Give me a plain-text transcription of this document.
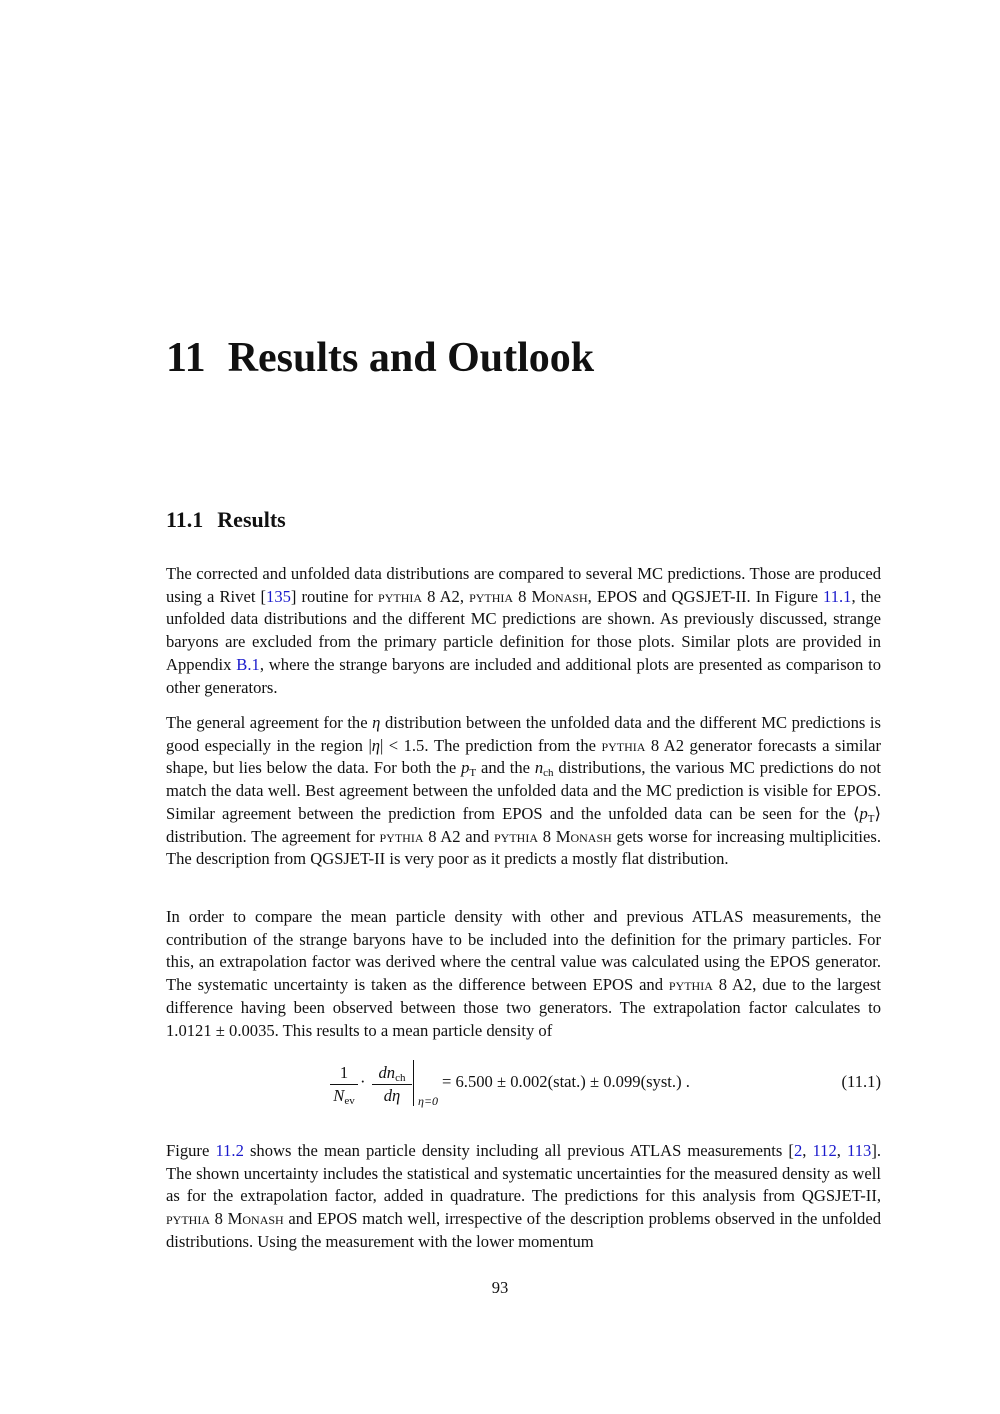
11 Results and Outlook
11.1 Results

The corrected and unfolded data distributions are compared to several MC predictions. Those are produced using a Rivet [135] routine for pythia 8 A2, pythia 8 Monash, EPOS and QGSJET-II. In Figure 11.1, the unfolded data distributions and the different MC predictions are shown. As previously discussed, strange baryons are excluded from the primary particle definition for those plots. Similar plots are provided in Appendix B.1, where the strange baryons are included and additional plots are presented as comparison to other generators.

The general agreement for the η distribution between the unfolded data and the different MC predictions is good especially in the region |η| < 1.5. The prediction from the pythia 8 A2 generator forecasts a similar shape, but lies below the data. For both the $p_T$ and the $n_{ch}$ distributions, the various MC predictions do not match the data well. Best agreement between the unfolded data and the MC prediction is visible for EPOS. Similar agreement between the prediction from EPOS and the unfolded data can be seen for the $⟨p_T⟩$ distribution. The agreement for pythia 8 A2 and pythia 8 Monash gets worse for increasing multiplicities. The description from QGSJET-II is very poor as it predicts a mostly flat distribution.

In order to compare the mean particle density with other and previous ATLAS measurements, the contribution of the strange baryons have to be included into the definition for the primary particles. For this, an extrapolation factor was derived where the central value was calculated using the EPOS generator. The systematic uncertainty is taken as the difference between EPOS and pythia 8 A2, due to the largest difference having been observed between those two generators. The extrapolation factor calculates to 1.0121 ± 0.0035. This results to a mean particle density of

1
$N_{ev}$
· $dn_{ch}$
dη	η=0
= 6.500 ± 0.002(stat.) ± 0.099(syst.) .	(11.1)

Figure 11.2 shows the mean particle density including all previous ATLAS measurements [2, 112, 113]. The shown uncertainty includes the statistical and systematic uncertainties for the measured density as well as for the extrapolation factor, added in quadrature. The predictions for this analysis from QGSJET-II, pythia 8 Monash and EPOS match well, irrespective of the description problems observed in the unfolded distributions. Using the measurement with the lower momentum

93
